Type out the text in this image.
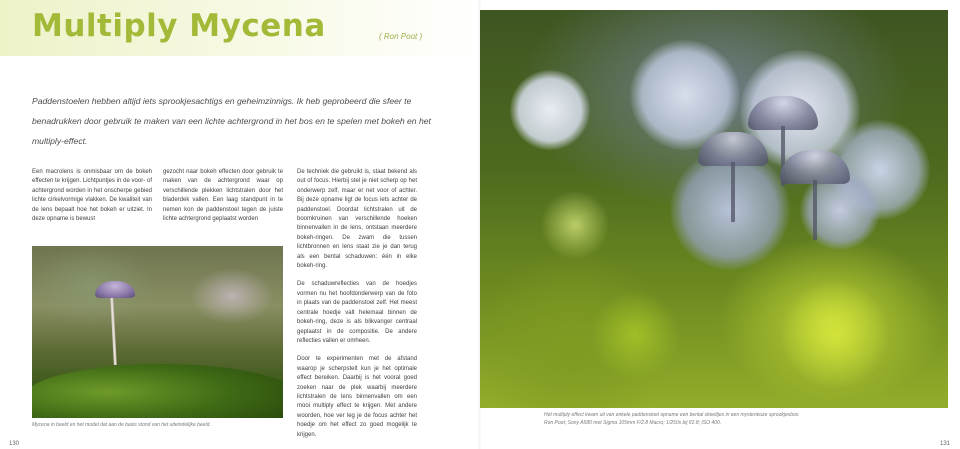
Multiply Mycena	( Ron Poot )

Paddenstoelen hebben altijd iets sprookjesachtigs en geheimzinnigs. Ik heb geprobeerd die sfeer te benadrukken door gebruik te maken van een lichte achtergrond in het bos en te spelen met bokeh en het multiply-effect.

Een macrolens is onmisbaar om de bokeh effecten te krijgen. Lichtpuntjes in de voor- of achtergrond worden in het onscherpe gebied lichte cirkelvormige vlakken. De kwaliteit van de lens bepaalt hoe het bokeh er uitziet. In deze opname is bewust

gezocht naar bokeh effecten door gebruik te maken van de achtergrond waar op verschillende plekken lichtstralen door het bladerdek vallen. Een laag standpunt in te nemen kon de paddenstoel tegen de juiste lichte achtergrond geplaatst worden

De techniek die gebruikt is, staat bekend als out of focus. Hierbij stel je niet scherp op het onderwerp zelf, maar er net voor of achter. Bij deze opname ligt de focus iets achter de paddenstoel. Doordat lichtstralen uit de boomkruinen van verschillende hoeken binnenvallen in de lens, ontstaan meerdere bokeh-ringen. De zwam die tussen lichtbronnen en lens staat zie je dan terug als een bental schaduwen: één in elke bokeh-ring.

De schaduwreflecties van de hoedjes vormen nu het hoofdonderwerp van de foto in plaats van de paddenstoel zelf. Het meest centrale hoedje valt helemaal binnen de bokeh-ring, deze is als blikvanger centraal geplaatst in de compositie. De andere reflecties vallen er omheen.

Door te experimenten met de afstand waarop je scherpstelt kun je het optimale effect bereiken. Daarbij is het vooral goed zoeken naar de plek waarbij meerdere lichtstralen de lens binnenvallen om een mooi multiply effect te krijgen. Met andere woorden, hoe ver leg je de focus achter het hoedje om het effect zo goed mogelijk te krijgen.

Mycena in beeld en het model dat aan de basis stond van het uiteindelijke beeld.
130
Het multiply effect kwam uit van enkele paddenstoel opname een bental skeeltjes in een mysterieuze sprookjesbos.
Ron Poot; Sony A580 met Sigma 105mm F/2.8 Macro; 1/250s bij f/2.8; ISO 400.
131
